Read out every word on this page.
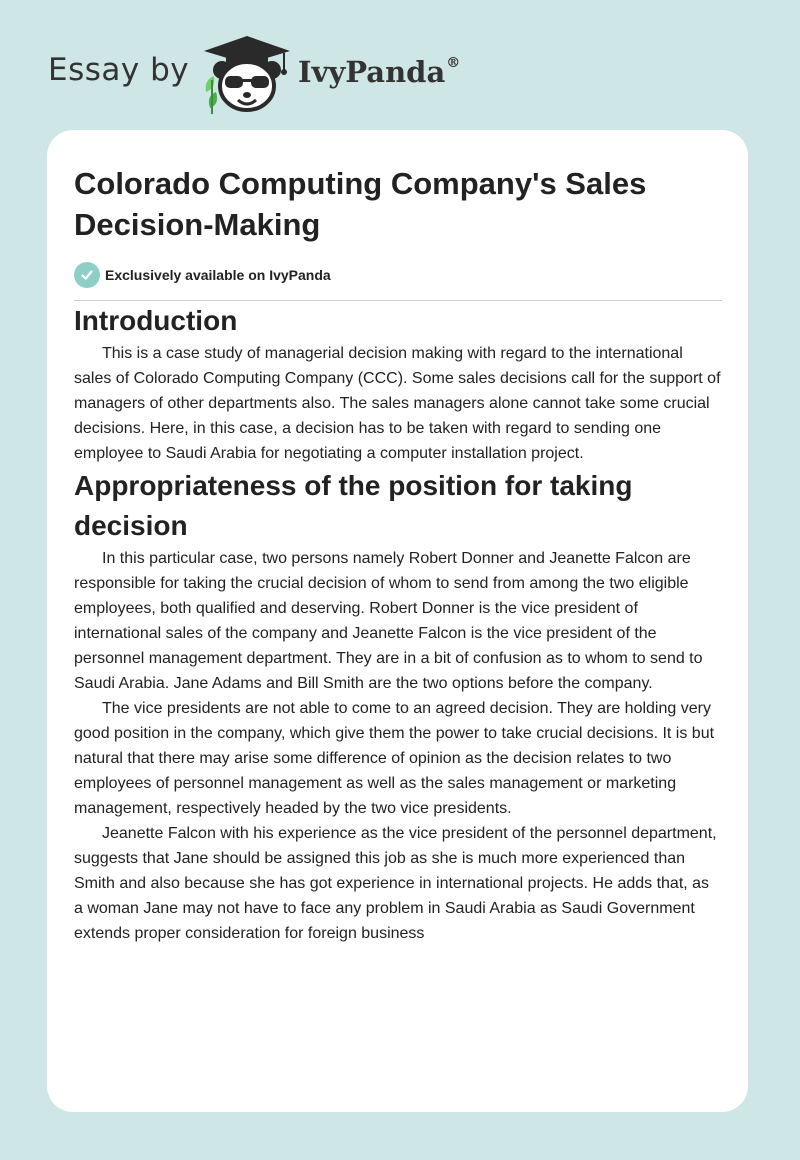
Essay by	IvyPanda®
Colorado Computing Company's Sales Decision-Making
Exclusively available on IvyPanda
Introduction

This is a case study of managerial decision making with regard to the international sales of Colorado Computing Company (CCC). Some sales decisions call for the support of managers of other departments also. The sales managers alone cannot take some crucial decisions. Here, in this case, a decision has to be taken with regard to sending one employee to Saudi Arabia for negotiating a computer installation project.

Appropriateness of the position for taking decision

In this particular case, two persons namely Robert Donner and Jeanette Falcon are responsible for taking the crucial decision of whom to send from among the two eligible employees, both qualified and deserving. Robert Donner is the vice president of international sales of the company and Jeanette Falcon is the vice president of the personnel management department. They are in a bit of confusion as to whom to send to Saudi Arabia. Jane Adams and Bill Smith are the two options before the company.

The vice presidents are not able to come to an agreed decision. They are holding very good position in the company, which give them the power to take crucial decisions. It is but natural that there may arise some difference of opinion as the decision relates to two employees of personnel management as well as the sales management or marketing management, respectively headed by the two vice presidents.

Jeanette Falcon with his experience as the vice president of the personnel department, suggests that Jane should be assigned this job as she is much more experienced than Smith and also because she has got experience in international projects. He adds that, as a woman Jane may not have to face any problem in Saudi Arabia as Saudi Government extends proper consideration for foreign business
